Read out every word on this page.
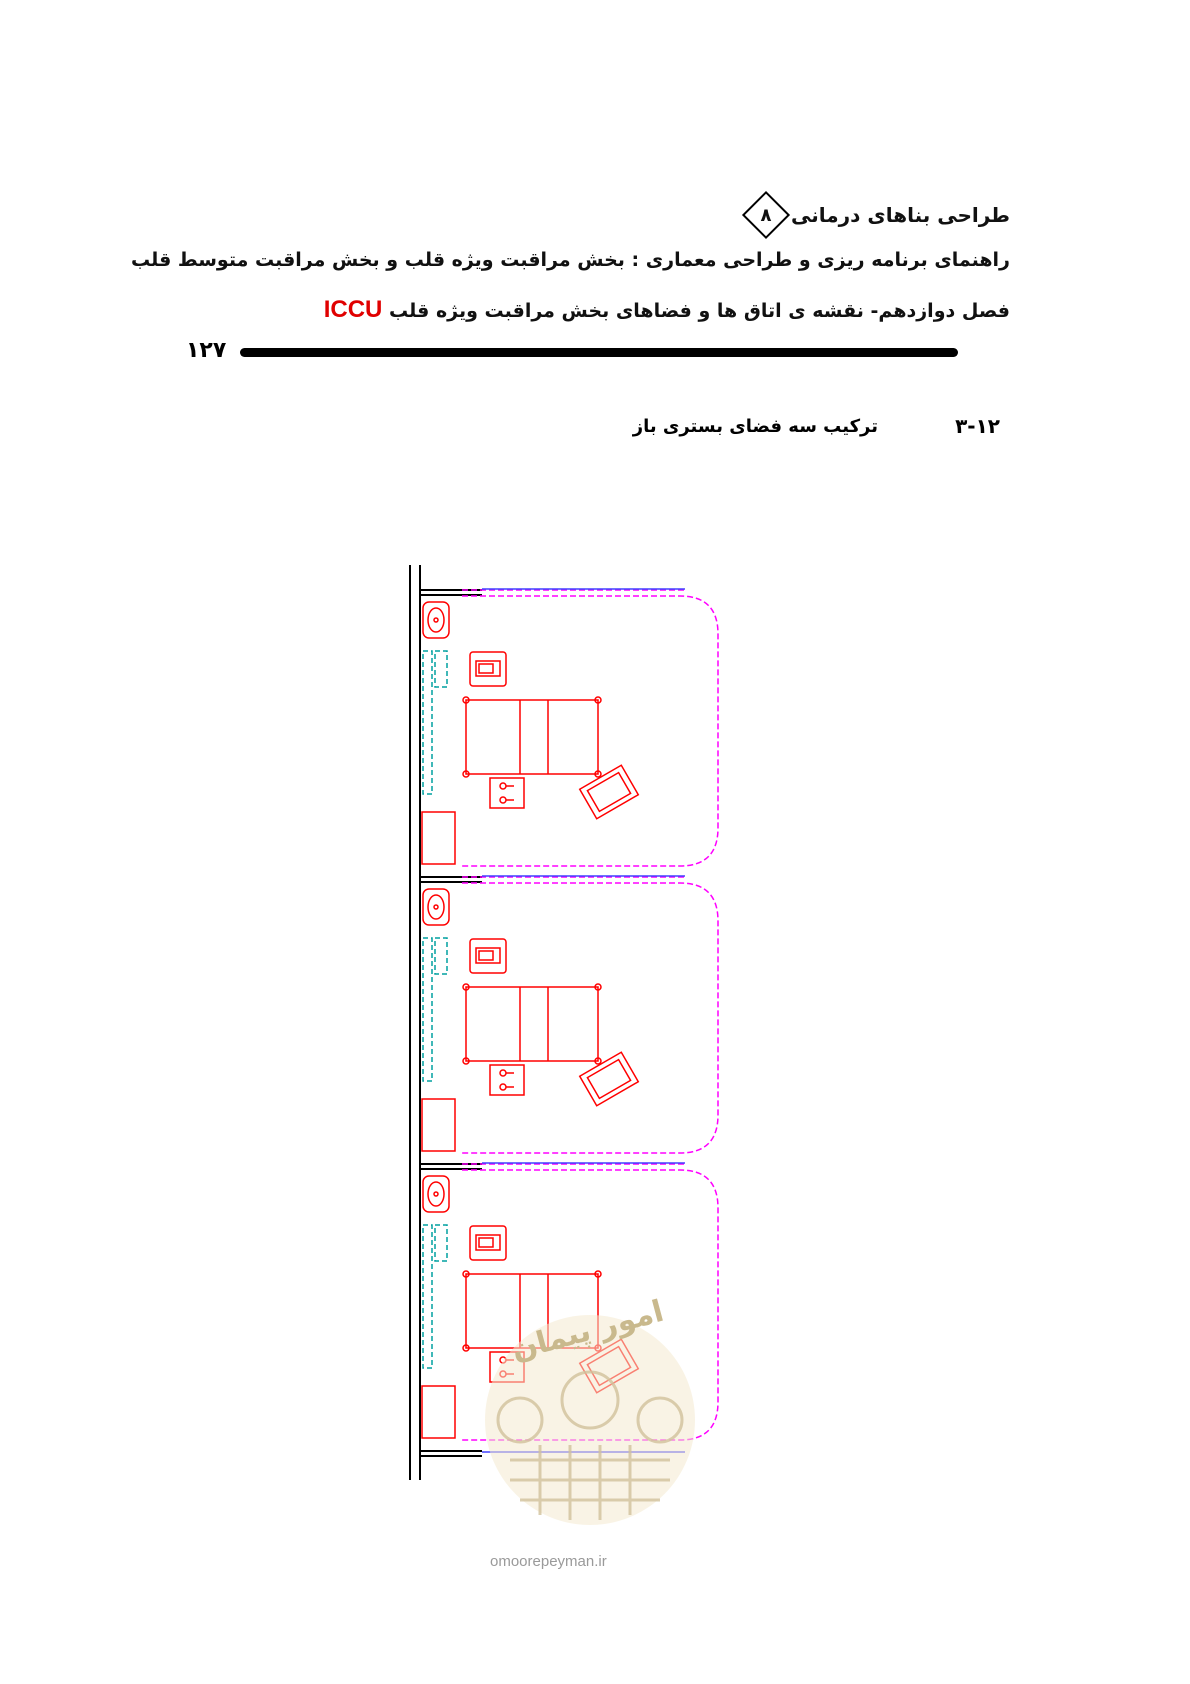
طراحی بناهای درمانی
۸
راهنمای برنامه ریزی و طراحی معماری : بخش مراقبت ویژه قلب و بخش مراقبت متوسط قلب
فصل دوازدهم- نقشه ی اتاق ها و فضاهای بخش مراقبت ویژه قلب ICCU
۱۲۷
۳-۱۲
ترکیب سه فضای بستری باز
امور پیمان
omoorepeyman.ir
